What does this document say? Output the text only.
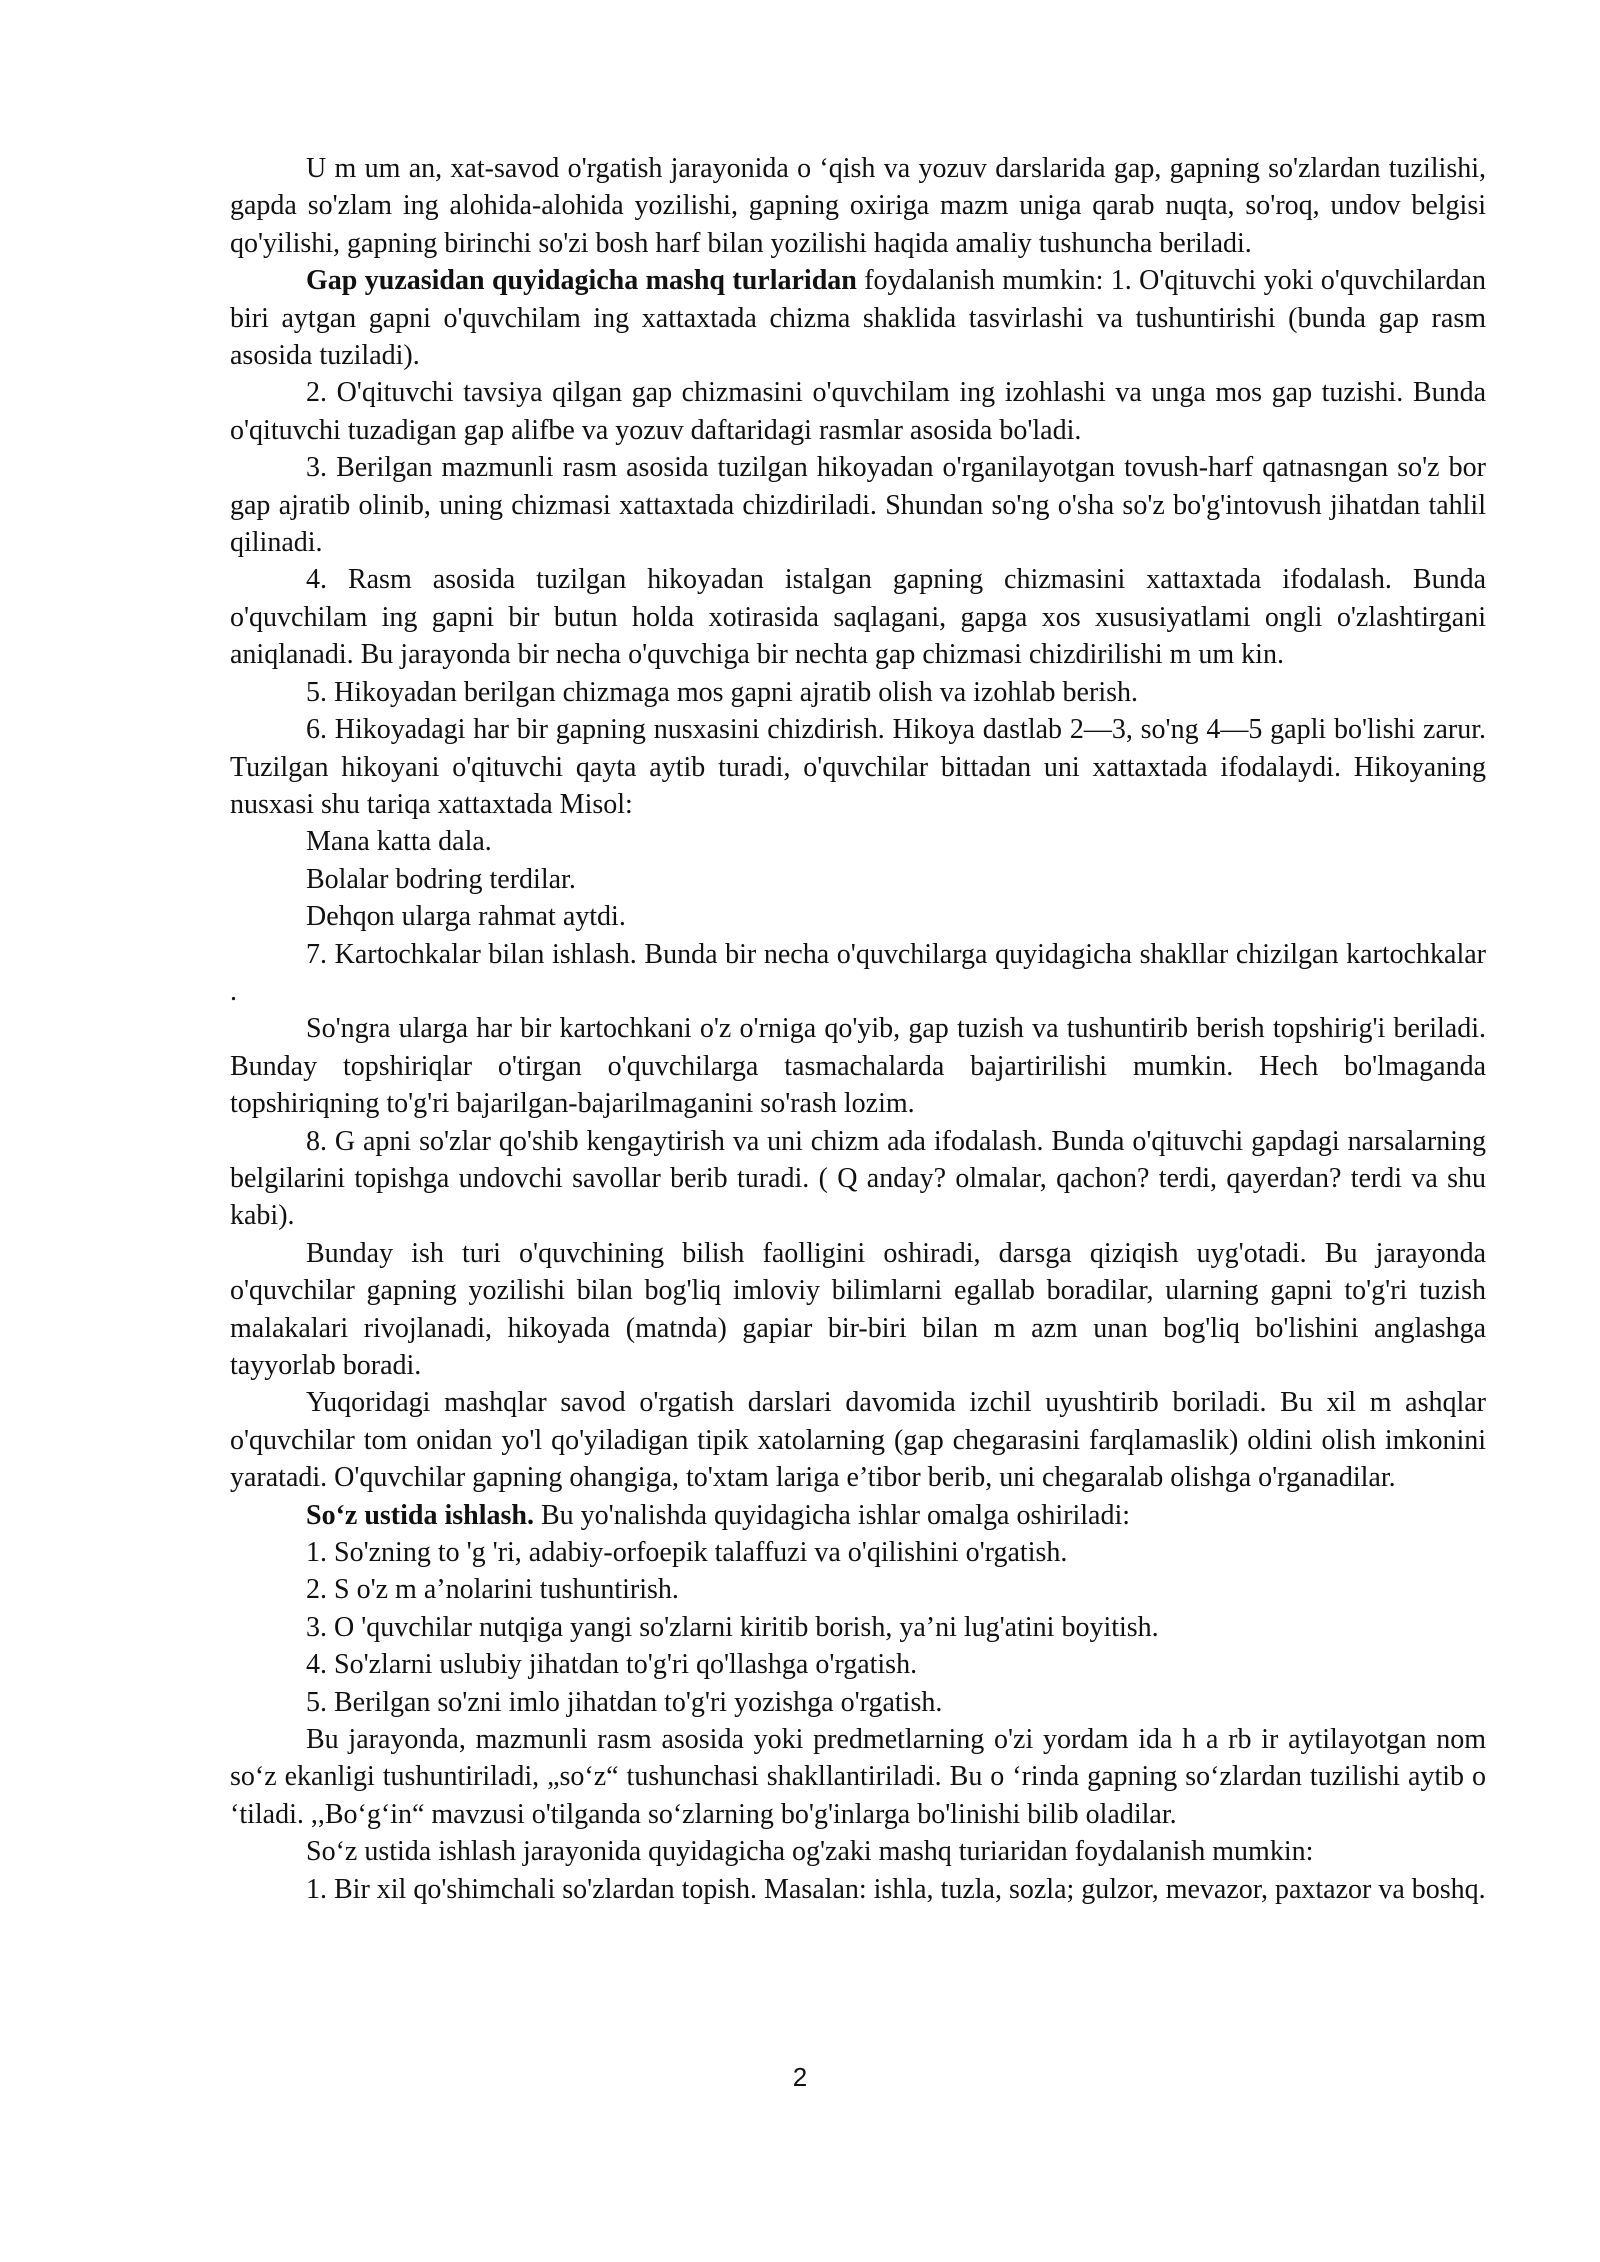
U m um an, xat-savod o'rgatish jarayonida o ‘qish va yozuv darslarida gap, gapning so'zlardan tuzilishi, gapda so'zlam ing alohida-alohida yozilishi, gapning oxiriga mazm uniga qarab nuqta, so'roq, undov belgisi qo'yilishi, gapning birinchi so'zi bosh harf bilan yozilishi haqida amaliy tushuncha beriladi.

Gap yuzasidan quyidagicha mashq turlaridan foydalanish mumkin: 1. O'qituvchi yoki o'quvchilardan biri aytgan gapni o'quvchilam ing xattaxtada chizma shaklida tasvirlashi va tushuntirishi (bunda gap rasm asosida tuziladi).

2. O'qituvchi tavsiya qilgan gap chizmasini o'quvchilam ing izohlashi va unga mos gap tuzishi. Bunda o'qituvchi tuzadigan gap alifbe va yozuv daftaridagi rasmlar asosida bo'ladi.

3. Berilgan mazmunli rasm asosida tuzilgan hikoyadan o'rganilayotgan tovush-harf qatnasngan so'z bor gap ajratib olinib, uning chizmasi xattaxtada chizdiriladi. Shundan so'ng o'sha so'z bo'g'intovush jihatdan tahlil qilinadi.

4. Rasm asosida tuzilgan hikoyadan istalgan gapning chizmasini xattaxtada ifodalash. Bunda o'quvchilam ing gapni bir butun holda xotirasida saqlagani, gapga xos xususiyatlami ongli o'zlashtirgani aniqlanadi. Bu jarayonda bir necha o'quvchiga bir nechta gap chizmasi chizdirilishi m um kin.

5. Hikoyadan berilgan chizmaga mos gapni ajratib olish va izohlab berish.

6. Hikoyadagi har bir gapning nusxasini chizdirish. Hikoya dastlab 2—3, so'ng 4—5 gapli bo'lishi zarur. Tuzilgan hikoyani o'qituvchi qayta aytib turadi, o'quvchilar bittadan uni xattaxtada ifodalaydi. Hikoyaning nusxasi shu tariqa xattaxtada Misol:

Mana katta dala.

Bolalar bodring terdilar.

Dehqon ularga rahmat aytdi.

7. Kartochkalar bilan ishlash. Bunda bir necha o'quvchilarga quyidagicha shakllar chizilgan kartochkalar .

So'ngra ularga har bir kartochkani o'z o'rniga qo'yib, gap tuzish va tushuntirib berish topshirig'i beriladi. Bunday topshiriqlar o'tirgan o'quvchilarga tasmachalarda bajartirilishi mumkin. Hech bo'lmaganda topshiriqning to'g'ri bajarilgan-bajarilmaganini so'rash lozim.

8. G apni so'zlar qo'shib kengaytirish va uni chizm ada ifodalash. Bunda o'qituvchi gapdagi narsalarning belgilarini topishga undovchi savollar berib turadi. ( Q anday? olmalar, qachon? terdi, qayerdan? terdi va shu kabi).

Bunday ish turi o'quvchining bilish faolligini oshiradi, darsga qiziqish uyg'otadi. Bu jarayonda o'quvchilar gapning yozilishi bilan bog'liq imloviy bilimlarni egallab boradilar, ularning gapni to'g'ri tuzish malakalari rivojlanadi, hikoyada (matnda) gapiar bir-biri bilan m azm unan bog'liq bo'lishini anglashga tayyorlab boradi.

Yuqoridagi mashqlar savod o'rgatish darslari davomida izchil uyushtirib boriladi. Bu xil m ashqlar o'quvchilar tom onidan yo'l qo'yiladigan tipik xatolarning (gap chegarasini farqlamaslik) oldini olish imkonini yaratadi. O'quvchilar gapning ohangiga, to'xtam lariga e’tibor berib, uni chegaralab olishga o'rganadilar.

So‘z ustida ishlash. Bu yo'nalishda quyidagicha ishlar omalga oshiriladi:

1. So'zning to 'g 'ri, adabiy-orfoepik talaffuzi va o'qilishini o'rgatish.

2. S o'z m a’nolarini tushuntirish.

3. O 'quvchilar nutqiga yangi so'zlarni kiritib borish, ya’ni lug'atini boyitish.

4. So'zlarni uslubiy jihatdan to'g'ri qo'llashga o'rgatish.

5. Berilgan so'zni imlo jihatdan to'g'ri yozishga o'rgatish.

Bu jarayonda, mazmunli rasm asosida yoki predmetlarning o'zi yordam ida h a rb ir aytilayotgan nom so‘z ekanligi tushuntiriladi, „so‘z“ tushunchasi shakllantiriladi. Bu o ‘rinda gapning so‘zlardan tuzilishi aytib o ‘tiladi. ,,Bo‘g‘in“ mavzusi o'tilganda so‘zlarning bo'g'inlarga bo'linishi bilib oladilar.

So‘z ustida ishlash jarayonida quyidagicha og'zaki mashq turiaridan foydalanish mumkin:

1. Bir xil qo'shimchali so'zlardan topish. Masalan: ishla, tuzla, sozla; gulzor, mevazor, paxtazor va boshq.

2
